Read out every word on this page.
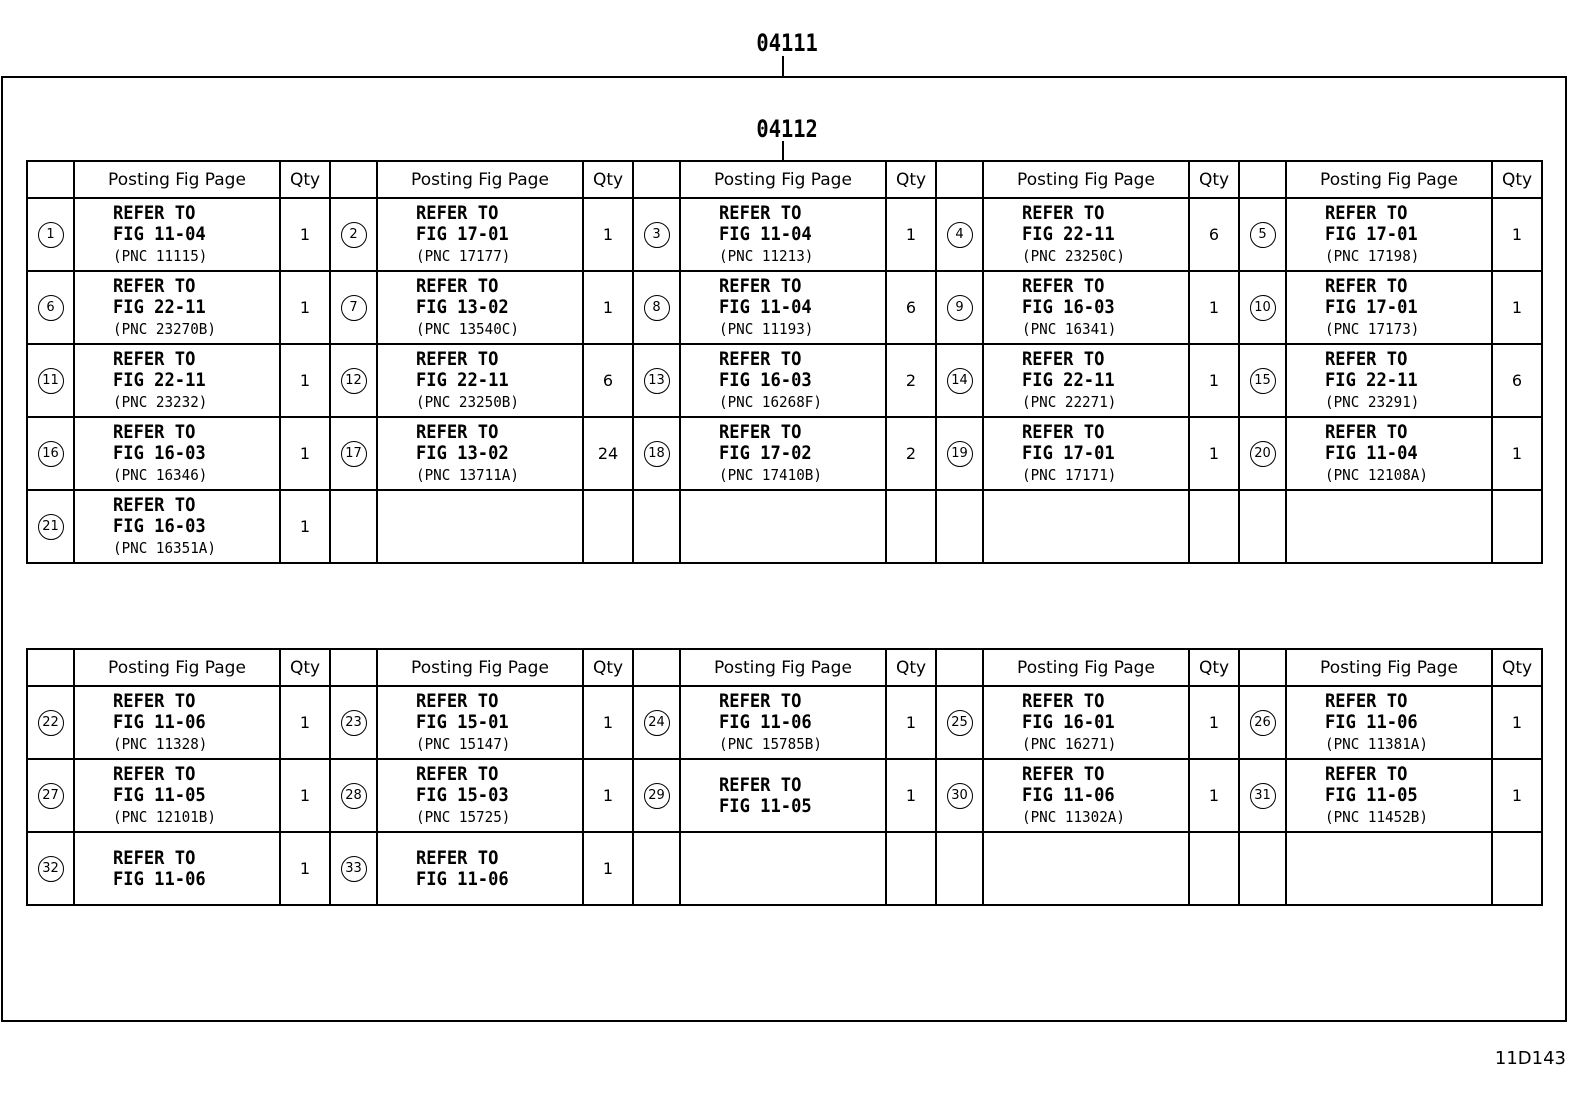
04111
04112
	Posting Fig Page	Qty		Posting Fig Page	Qty		Posting Fig Page	Qty		Posting Fig Page	Qty		Posting Fig Page	Qty
1	REFER TO
FIG 11-04
(PNC 11115)	1	2	REFER TO
FIG 17-01
(PNC 17177)	1	3	REFER TO
FIG 11-04
(PNC 11213)	1	4	REFER TO
FIG 22-11
(PNC 23250C)	6	5	REFER TO
FIG 17-01
(PNC 17198)	1
6	REFER TO
FIG 22-11
(PNC 23270B)	1	7	REFER TO
FIG 13-02
(PNC 13540C)	1	8	REFER TO
FIG 11-04
(PNC 11193)	6	9	REFER TO
FIG 16-03
(PNC 16341)	1	10	REFER TO
FIG 17-01
(PNC 17173)	1
11	REFER TO
FIG 22-11
(PNC 23232)	1	12	REFER TO
FIG 22-11
(PNC 23250B)	6	13	REFER TO
FIG 16-03
(PNC 16268F)	2	14	REFER TO
FIG 22-11
(PNC 22271)	1	15	REFER TO
FIG 22-11
(PNC 23291)	6
16	REFER TO
FIG 16-03
(PNC 16346)	1	17	REFER TO
FIG 13-02
(PNC 13711A)	24	18	REFER TO
FIG 17-02
(PNC 17410B)	2	19	REFER TO
FIG 17-01
(PNC 17171)	1	20	REFER TO
FIG 11-04
(PNC 12108A)	1
21	REFER TO
FIG 16-03
(PNC 16351A)	1												
	Posting Fig Page	Qty		Posting Fig Page	Qty		Posting Fig Page	Qty		Posting Fig Page	Qty		Posting Fig Page	Qty
22	REFER TO
FIG 11-06
(PNC 11328)	1	23	REFER TO
FIG 15-01
(PNC 15147)	1	24	REFER TO
FIG 11-06
(PNC 15785B)	1	25	REFER TO
FIG 16-01
(PNC 16271)	1	26	REFER TO
FIG 11-06
(PNC 11381A)	1
27	REFER TO
FIG 11-05
(PNC 12101B)	1	28	REFER TO
FIG 15-03
(PNC 15725)	1	29	REFER TO
FIG 11-05	1	30	REFER TO
FIG 11-06
(PNC 11302A)	1	31	REFER TO
FIG 11-05
(PNC 11452B)	1
32	REFER TO
FIG 11-06	1	33	REFER TO
FIG 11-06	1									
11D143
